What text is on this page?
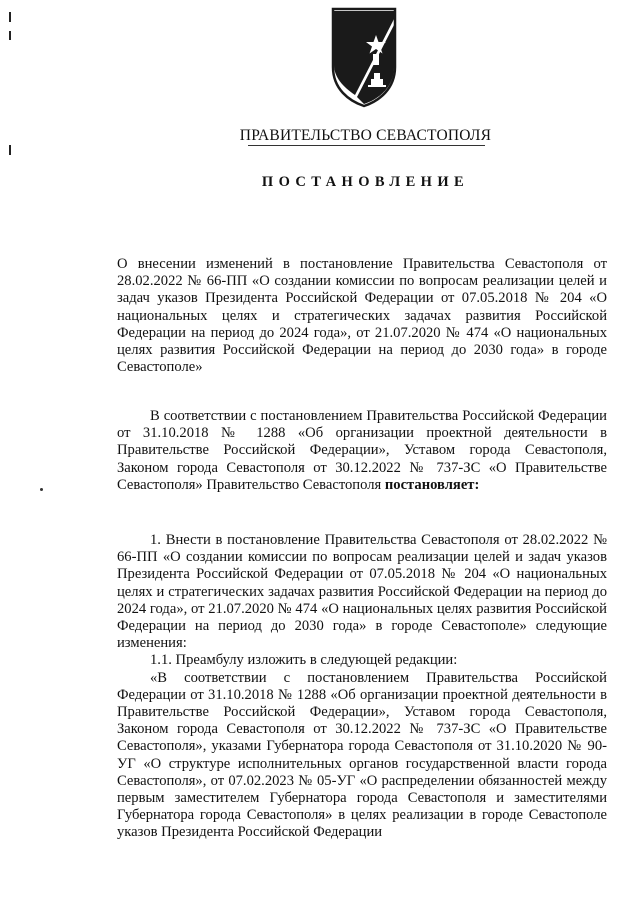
ПРАВИТЕЛЬСТВО СЕВАСТОПОЛЯ
ПОСТАНОВЛЕНИЕ

О внесении изменений в постановление Правительства Севастополя от 28.02.2022 № 66-ПП «О создании комиссии по вопросам реализации целей и задач указов Президента Российской Федерации от 07.05.2018 № 204 «О национальных целях и стратегических задачах развития Российской Федерации на период до 2024 года», от 21.07.2020 № 474 «О национальных целях развития Российской Федерации на период до 2030 года» в городе Севастополе»

В соответствии с постановлением Правительства Российской Федерации от 31.10.2018 № 1288 «Об организации проектной деятельности в Правительстве Российской Федерации», Уставом города Севастополя, Законом города Севастополя от 30.12.2022 № 737-ЗС «О Правительстве Севастополя» Правительство Севастополя постановляет:

1. Внести в постановление Правительства Севастополя от 28.02.2022 № 66-ПП «О создании комиссии по вопросам реализации целей и задач указов Президента Российской Федерации от 07.05.2018 № 204 «О национальных целях и стратегических задачах развития Российской Федерации на период до 2024 года», от 21.07.2020 № 474 «О национальных целях развития Российской Федерации на период до 2030 года» в городе Севастополе» следующие изменения:

1.1. Преамбулу изложить в следующей редакции:

«В соответствии с постановлением Правительства Российской Федерации от 31.10.2018 № 1288 «Об организации проектной деятельности в Правительстве Российской Федерации», Уставом города Севастополя, Законом города Севастополя от 30.12.2022 № 737-ЗС «О Правительстве Севастополя», указами Губернатора города Севастополя от 31.10.2020 № 90-УГ «О структуре исполнительных органов государственной власти города Севастополя», от 07.02.2023 № 05-УГ «О распределении обязанностей между первым заместителем Губернатора города Севастополя и заместителями Губернатора города Севастополя» в целях реализации в городе Севастополе указов Президента Российской Федерации
